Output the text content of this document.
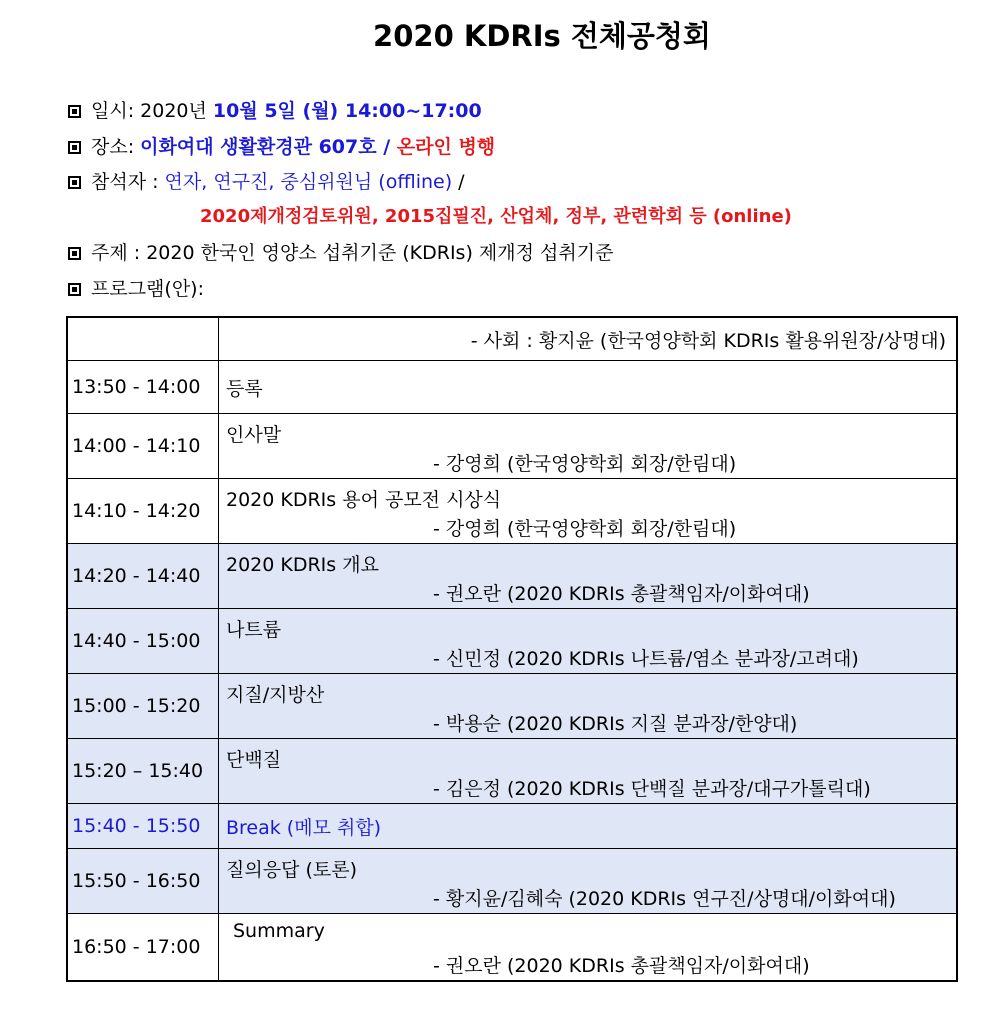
2020 KDRIs 전체공청회
일시: 2020년 10월 5일 (월) 14:00~17:00
장소: 이화여대 생활환경관 607호 / 온라인 병행
참석자 : 연자, 연구진, 중심위원님 (offline) /
2020제개정검토위원, 2015집필진, 산업체, 정부, 관련학회 등 (online)
주제 : 2020 한국인 영양소 섭취기준 (KDRIs) 제개정 섭취기준
프로그램(안):
	- 사회 : 황지윤 (한국영양학회 KDRIs 활용위원장/상명대)
13:50 - 14:00	등록
14:00 - 14:10	인사말
- 강영희 (한국영양학회 회장/한림대)

14:10 - 14:20	2020 KDRIs 용어 공모전 시상식
- 강영희 (한국영양학회 회장/한림대)

14:20 - 14:40	2020 KDRIs 개요
- 권오란 (2020 KDRIs 총괄책임자/이화여대)

14:40 - 15:00	나트륨
- 신민정 (2020 KDRIs 나트륨/염소 분과장/고려대)

15:00 - 15:20	지질/지방산
- 박용순 (2020 KDRIs 지질 분과장/한양대)

15:20 – 15:40	단백질
- 김은정 (2020 KDRIs 단백질 분과장/대구가톨릭대)

15:40 - 15:50	Break (메모 취합)
15:50 - 16:50	질의응답 (토론)
- 황지윤/김혜숙 (2020 KDRIs 연구진/상명대/이화여대)

16:50 - 17:00	Summary
- 권오란 (2020 KDRIs 총괄책임자/이화여대)
